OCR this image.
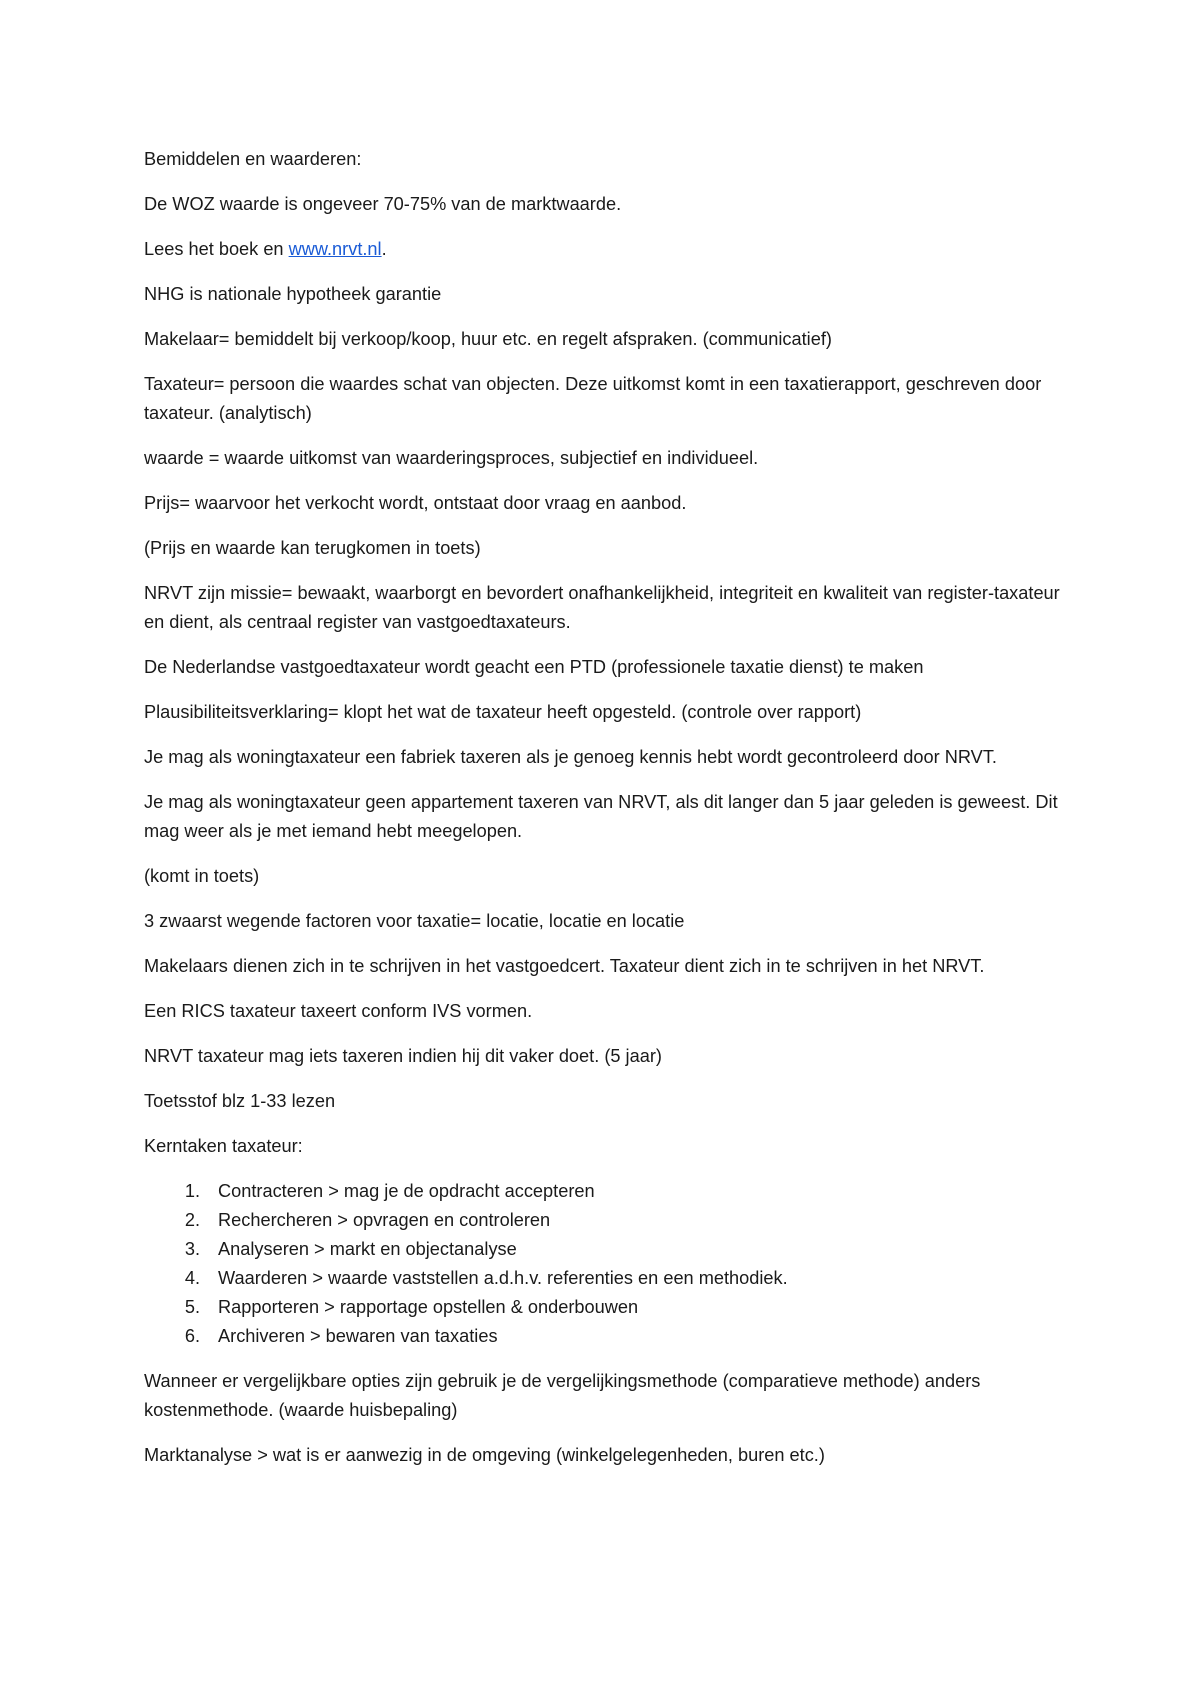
Bemiddelen en waarderen:

De WOZ waarde is ongeveer 70-75% van de marktwaarde.

Lees het boek en www.nrvt.nl.

NHG is nationale hypotheek garantie

Makelaar= bemiddelt bij verkoop/koop, huur etc. en regelt afspraken. (communicatief)

Taxateur= persoon die waardes schat van objecten. Deze uitkomst komt in een taxatierapport, geschreven door taxateur. (analytisch)

waarde = waarde uitkomst van waarderingsproces, subjectief en individueel.

Prijs= waarvoor het verkocht wordt, ontstaat door vraag en aanbod.

(Prijs en waarde kan terugkomen in toets)

NRVT zijn missie= bewaakt, waarborgt en bevordert onafhankelijkheid, integriteit en kwaliteit van register-taxateur en dient, als centraal register van vastgoedtaxateurs.

De Nederlandse vastgoedtaxateur wordt geacht een PTD (professionele taxatie dienst) te maken

Plausibiliteitsverklaring= klopt het wat de taxateur heeft opgesteld. (controle over rapport)

Je mag als woningtaxateur een fabriek taxeren als je genoeg kennis hebt wordt gecontroleerd door NRVT.

Je mag als woningtaxateur geen appartement taxeren van NRVT, als dit langer dan 5 jaar geleden is geweest. Dit mag weer als je met iemand hebt meegelopen.

(komt in toets)

3 zwaarst wegende factoren voor taxatie= locatie, locatie en locatie

Makelaars dienen zich in te schrijven in het vastgoedcert. Taxateur dient zich in te schrijven in het NRVT.

Een RICS taxateur taxeert conform IVS vormen.

NRVT taxateur mag iets taxeren indien hij dit vaker doet. (5 jaar)

Toetsstof blz 1-33 lezen

Kerntaken taxateur:

1. Contracteren > mag je de opdracht accepteren
2. Rechercheren > opvragen en controleren
3. Analyseren > markt en objectanalyse
4. Waarderen > waarde vaststellen a.d.h.v. referenties en een methodiek.
5. Rapporteren > rapportage opstellen & onderbouwen
6. Archiveren > bewaren van taxaties

Wanneer er vergelijkbare opties zijn gebruik je de vergelijkingsmethode (comparatieve methode) anders kostenmethode. (waarde huisbepaling)

Marktanalyse > wat is er aanwezig in de omgeving (winkelgelegenheden, buren etc.)
